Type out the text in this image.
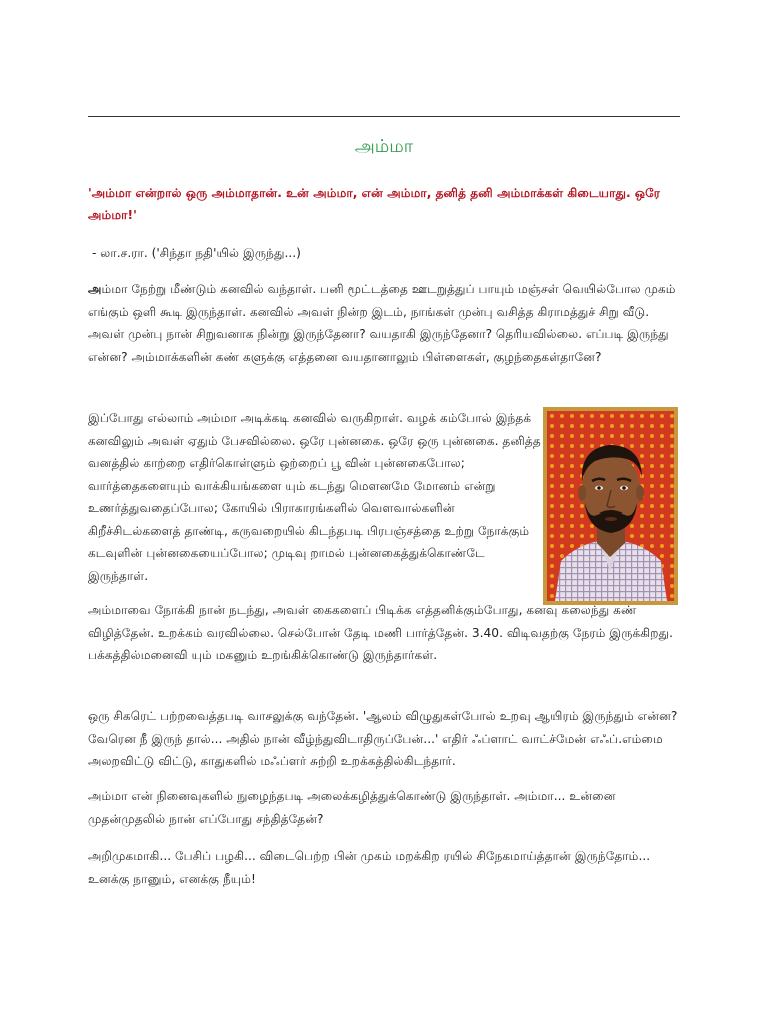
அம்மா

'அம்மா என்றால் ஒரு அம்மாதான். உன் அம்மா, என் அம்மா, தனித் தனி அம்மாக்கள் கிடையாது. ஒரே அம்மா!'

- லா.ச.ரா. ('சிந்தா நதி'யில் இருந்து...)

அம்மா நேற்று மீண்டும் கனவில் வந்தாள். பனி மூட்டத்தை ஊடறுத்துப் பாயும் மஞ்சள் வெயில்போல முகம் எங்கும் ஒளி கூடி இருந்தாள். கனவில் அவள் நின்ற இடம், நாங்கள் முன்பு வசித்த கிராமத்துச் சிறு வீடு. அவள் முன்பு நான் சிறுவனாக நின்று இருந்தேனா? வயதாகி இருந்தேனா? தெரியவில்லை. எப்படி இருந்து என்ன? அம்மாக்களின் கண் களுக்கு எத்தனை வயதானாலும் பிள்ளைகள், குழந்தைகள்தானே?

இப்போது எல்லாம் அம்மா அடிக்கடி கனவில் வருகிறாள். வழக் கம்போல் இந்தக் கனவிலும் அவள் ஏதும் பேசவில்லை. ஒரே புன்னகை. ஒரே ஒரு புன்னகை. தனித்த வனத்தில் காற்றை எதிர்கொள்ளும் ஒற்றைப் பூ வின் புன்னகைபோல; வார்த்தைகளையும் வாக்கியங்களை யும் கடந்து மௌனமே மோனம் என்று உணர்த்துவதைப்போல; கோயில் பிராகாரங்களில் வௌவால்களின் கிறீச்சிடல்களைத் தாண்டி, கருவறையில் கிடந்தபடி பிரபஞ்சத்தை உற்று நோக்கும் கடவுளின் புன்னகையைப்போல; முடிவு றாமல் புன்னகைத்துக்கொண்டே இருந்தாள்.

அம்மாவை நோக்கி நான் நடந்து, அவள் கைகளைப் பிடிக்க எத்தனிக்கும்போது, கனவு கலைந்து கண் விழித்தேன். உறக்கம் வரவில்லை. செல்போன் தேடி மணி பார்த்தேன். 3.40. விடிவதற்கு நேரம் இருக்கிறது. பக்கத்தில்மனைவி யும் மகனும் உறங்கிக்கொண்டு இருந்தார்கள்.

ஒரு சிகரெட் பற்றவைத்தபடி வாசலுக்கு வந்தேன். 'ஆலம் விழுதுகள்போல் உறவு ஆயிரம் இருந்தும் என்ன? வேரென நீ இருந் தால்... அதில் நான் வீழ்ந்துவிடாதிருப்பேன்...' எதிர் ஃப்ளாட் வாட்ச்மேன் எஃப்.எம்மை அலறவிட்டு விட்டு, காதுகளில் மஃப்ளர் சுற்றி உறக்கத்தில்கிடந்தார்.

அம்மா என் நினைவுகளில் நுழைந்தபடி அலைக்கழித்துக்கொண்டு இருந்தாள். அம்மா... உன்னை முதன்முதலில் நான் எப்போது சந்தித்தேன்?

அறிமுகமாகி... பேசிப் பழகி... விடைபெற்ற பின் முகம் மறக்கிற ரயில் சிநேகமாய்த்தான் இருந்தோம்... உனக்கு நானும், எனக்கு நீயும்!
